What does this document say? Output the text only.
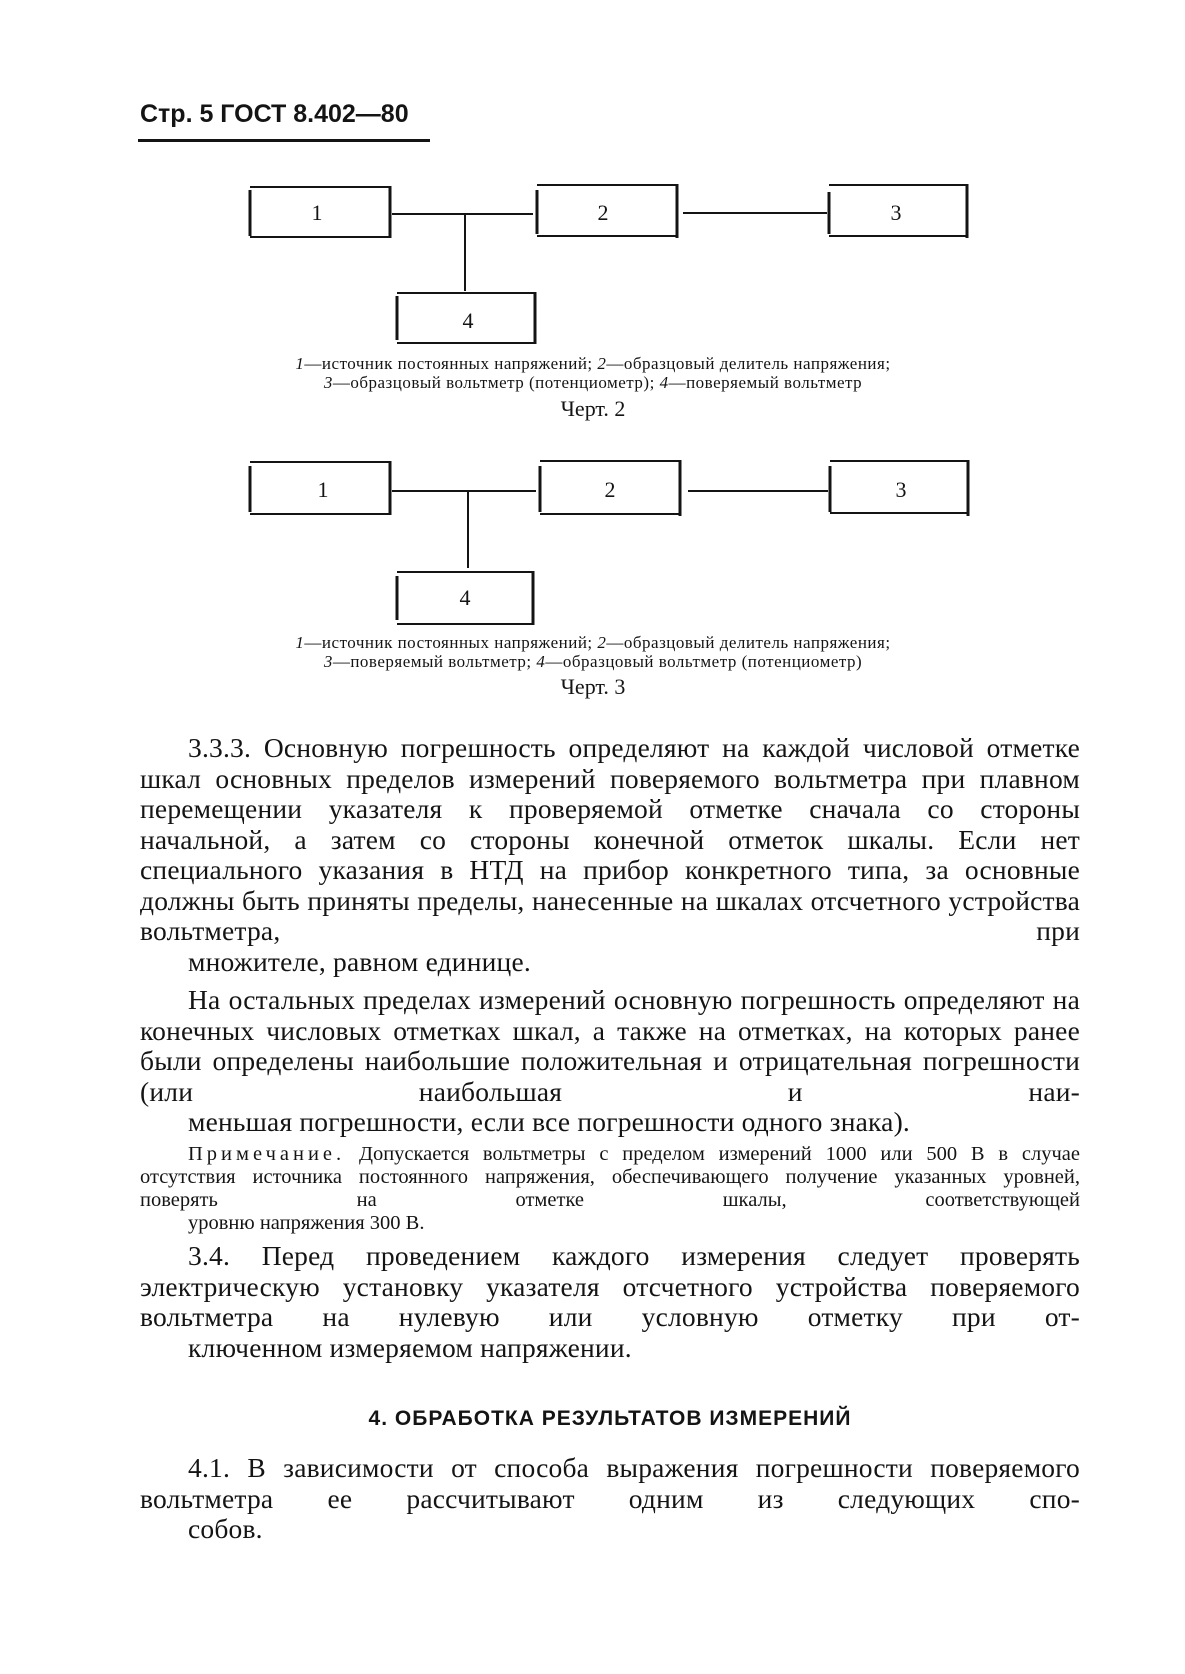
Стр. 5 ГОСТ 8.402—80
1	2	3
4
1—источник постоянных напряжений; 2—образцовый делитель напряжения;
3—образцовый вольтметр (потенциометр); 4—поверяемый вольтметр
Черт. 2
1	2	3
4
1—источник постоянных напряжений; 2—образцовый делитель напряжения;
3—поверяемый вольтметр; 4—образцовый вольтметр (потенциометр)
Черт. 3

3.3.3. Основную погрешность определяют на каждой числовой отметке шкал основных пределов измерений поверяемого вольтметра при плавном перемещении указателя к проверяемой отметке сначала со стороны начальной, а затем со стороны конечной отметок шкалы. Если нет специального указания в НТД на прибор конкретного типа, за основные должны быть приняты пределы, нанесенные на шкалах отсчетного устройства вольтметра, при
множителе, равном единице.

На остальных пределах измерений основную погрешность определяют на конечных числовых отметках шкал, а также на отметках, на которых ранее были определены наибольшие положительная и отрицательная погрешности (или наибольшая и наи-
меньшая погрешности, если все погрешности одного знака).

Примечание. Допускается вольтметры с пределом измерений 1000 или 500 В в случае отсутствия источника постоянного напряжения, обеспечивающего получение указанных уровней, поверять на отметке шкалы, соответствующей
уровню напряжения 300 В.

3.4. Перед проведением каждого измерения следует проверять электрическую установку указателя отсчетного устройства поверяемого вольтметра на нулевую или условную отметку при от-
ключенном измеряемом напряжении.

4. ОБРАБОТКА РЕЗУЛЬТАТОВ ИЗМЕРЕНИЙ

4.1. В зависимости от способа выражения погрешности поверяемого вольтметра ее рассчитывают одним из следующих спо-
собов.
